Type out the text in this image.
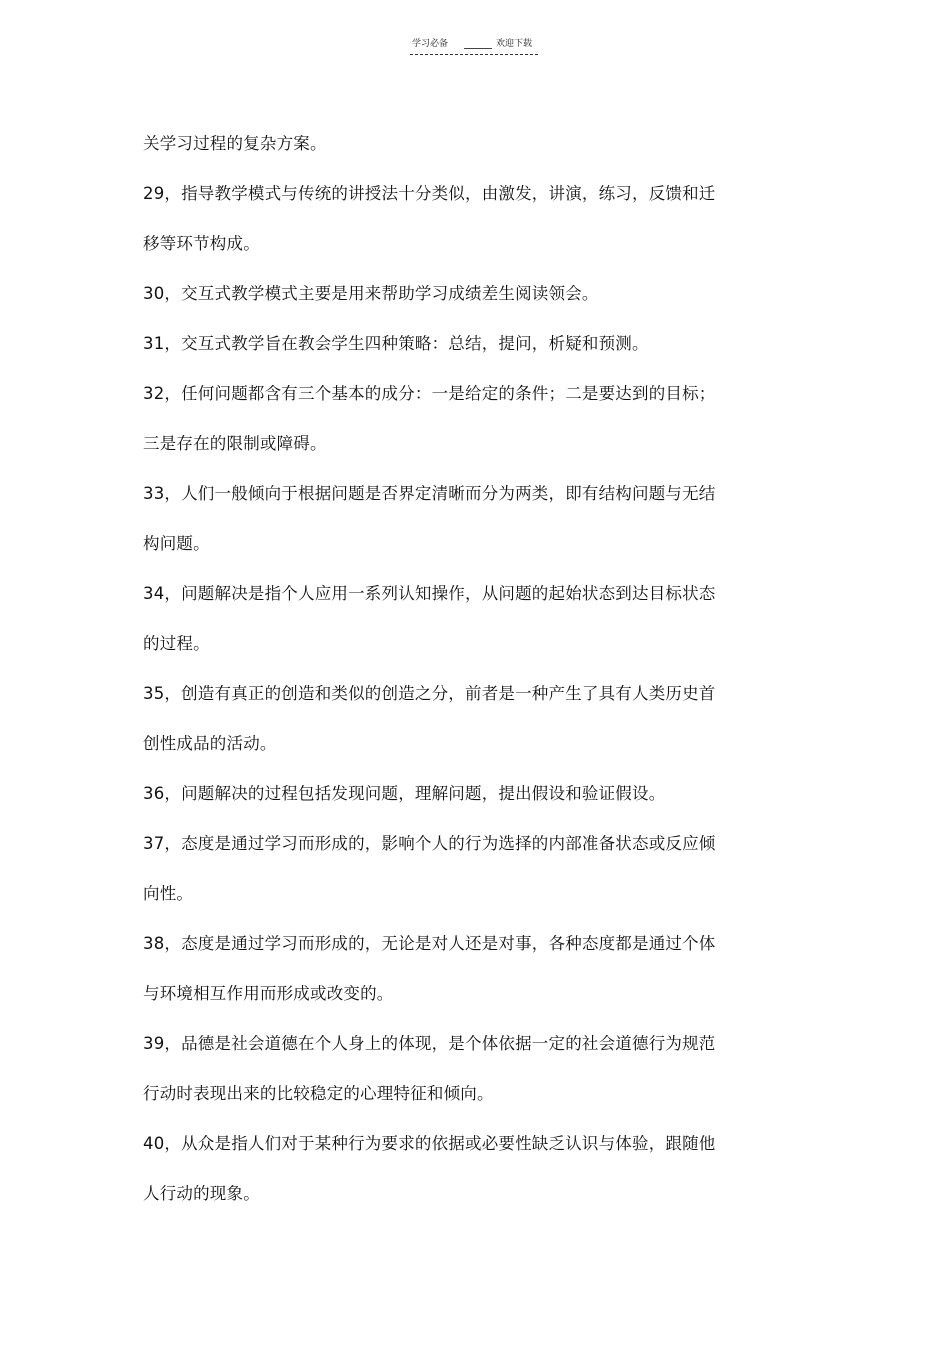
学习必备	欢迎下载
关学习过程的复杂方案。
29，指导教学模式与传统的讲授法十分类似，由激发，讲演，练习，反馈和迁
移等环节构成。
30，交互式教学模式主要是用来帮助学习成绩差生阅读领会。
31，交互式教学旨在教会学生四种策略：总结，提问，析疑和预测。
32，任何问题都含有三个基本的成分：一是给定的条件；二是要达到的目标；
三是存在的限制或障碍。
33，人们一般倾向于根据问题是否界定清晰而分为两类，即有结构问题与无结
构问题。
34，问题解决是指个人应用一系列认知操作，从问题的起始状态到达目标状态
的过程。
35，创造有真正的创造和类似的创造之分，前者是一种产生了具有人类历史首
创性成品的活动。
36，问题解决的过程包括发现问题，理解问题，提出假设和验证假设。
37，态度是通过学习而形成的，影响个人的行为选择的内部准备状态或反应倾
向性。
38，态度是通过学习而形成的，无论是对人还是对事，各种态度都是通过个体
与环境相互作用而形成或改变的。
39，品德是社会道德在个人身上的体现，是个体依据一定的社会道德行为规范
行动时表现出来的比较稳定的心理特征和倾向。
40，从众是指人们对于某种行为要求的依据或必要性缺乏认识与体验，跟随他
人行动的现象。
